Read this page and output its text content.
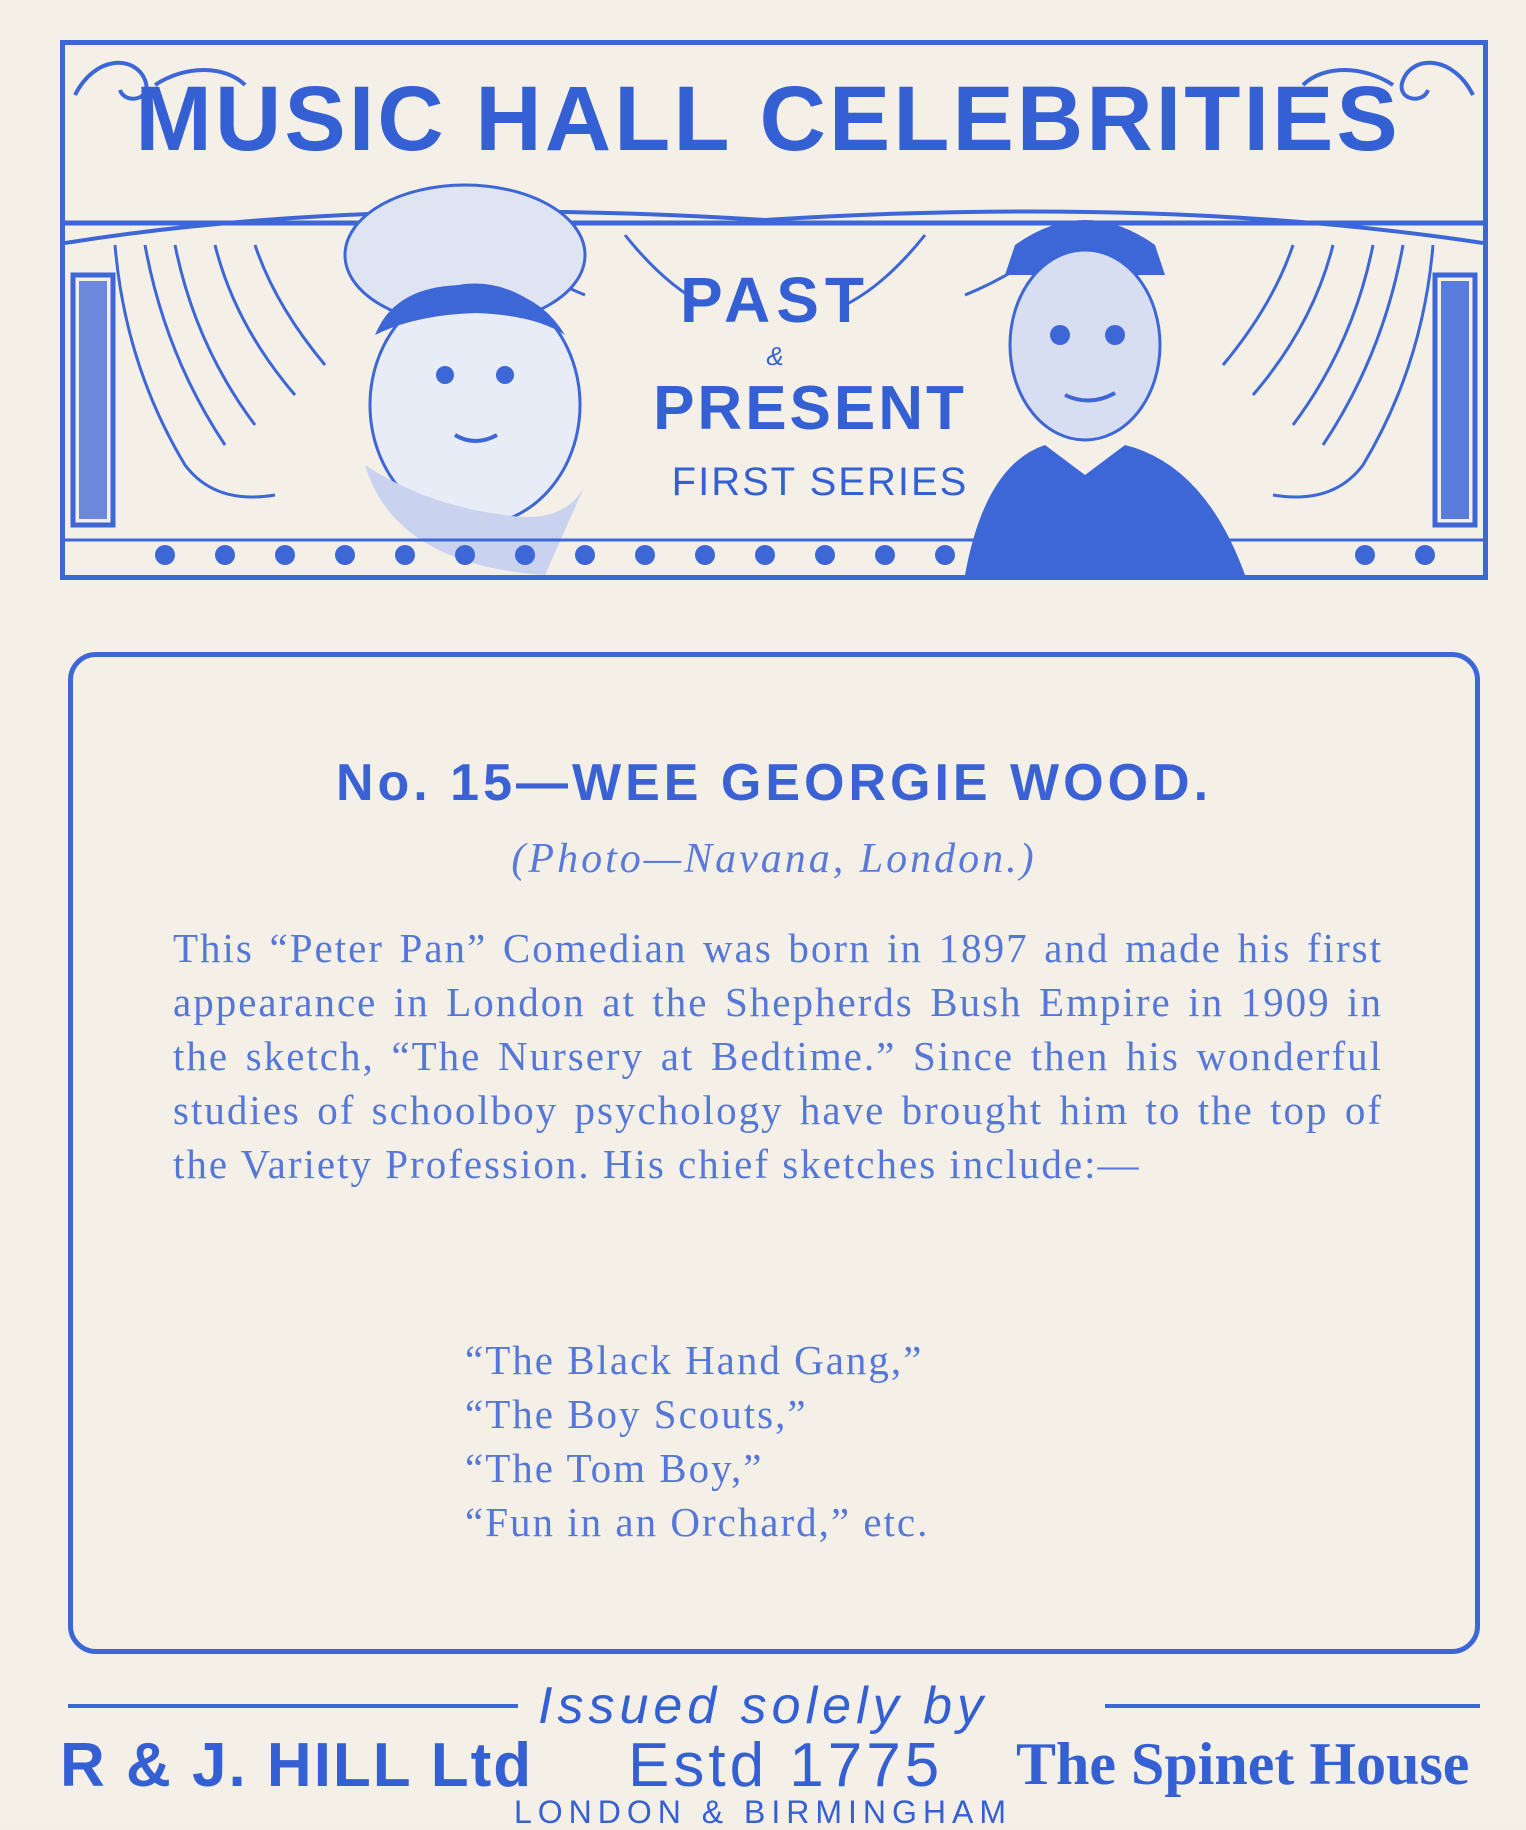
MUSIC HALL CELEBRITIES
PAST
&
PRESENT
FIRST SERIES
No. 15—WEE GEORGIE WOOD.
(Photo—Navana, London.)
This “Peter Pan” Comedian was born in 1897 and made his first appearance in London at the Shepherds Bush Empire in 1909 in the sketch, “The Nursery at Bedtime.” Since then his wonderful studies of schoolboy psychology have brought him to the top of the Variety Profession. His chief sketches include:—
“The Black Hand Gang,”
“The Boy Scouts,”
“The Tom Boy,”
“Fun in an Orchard,” etc.
Issued solely by
R & J. HILL Ltd Estd 1775 The Spinet House
LONDON & BIRMINGHAM
